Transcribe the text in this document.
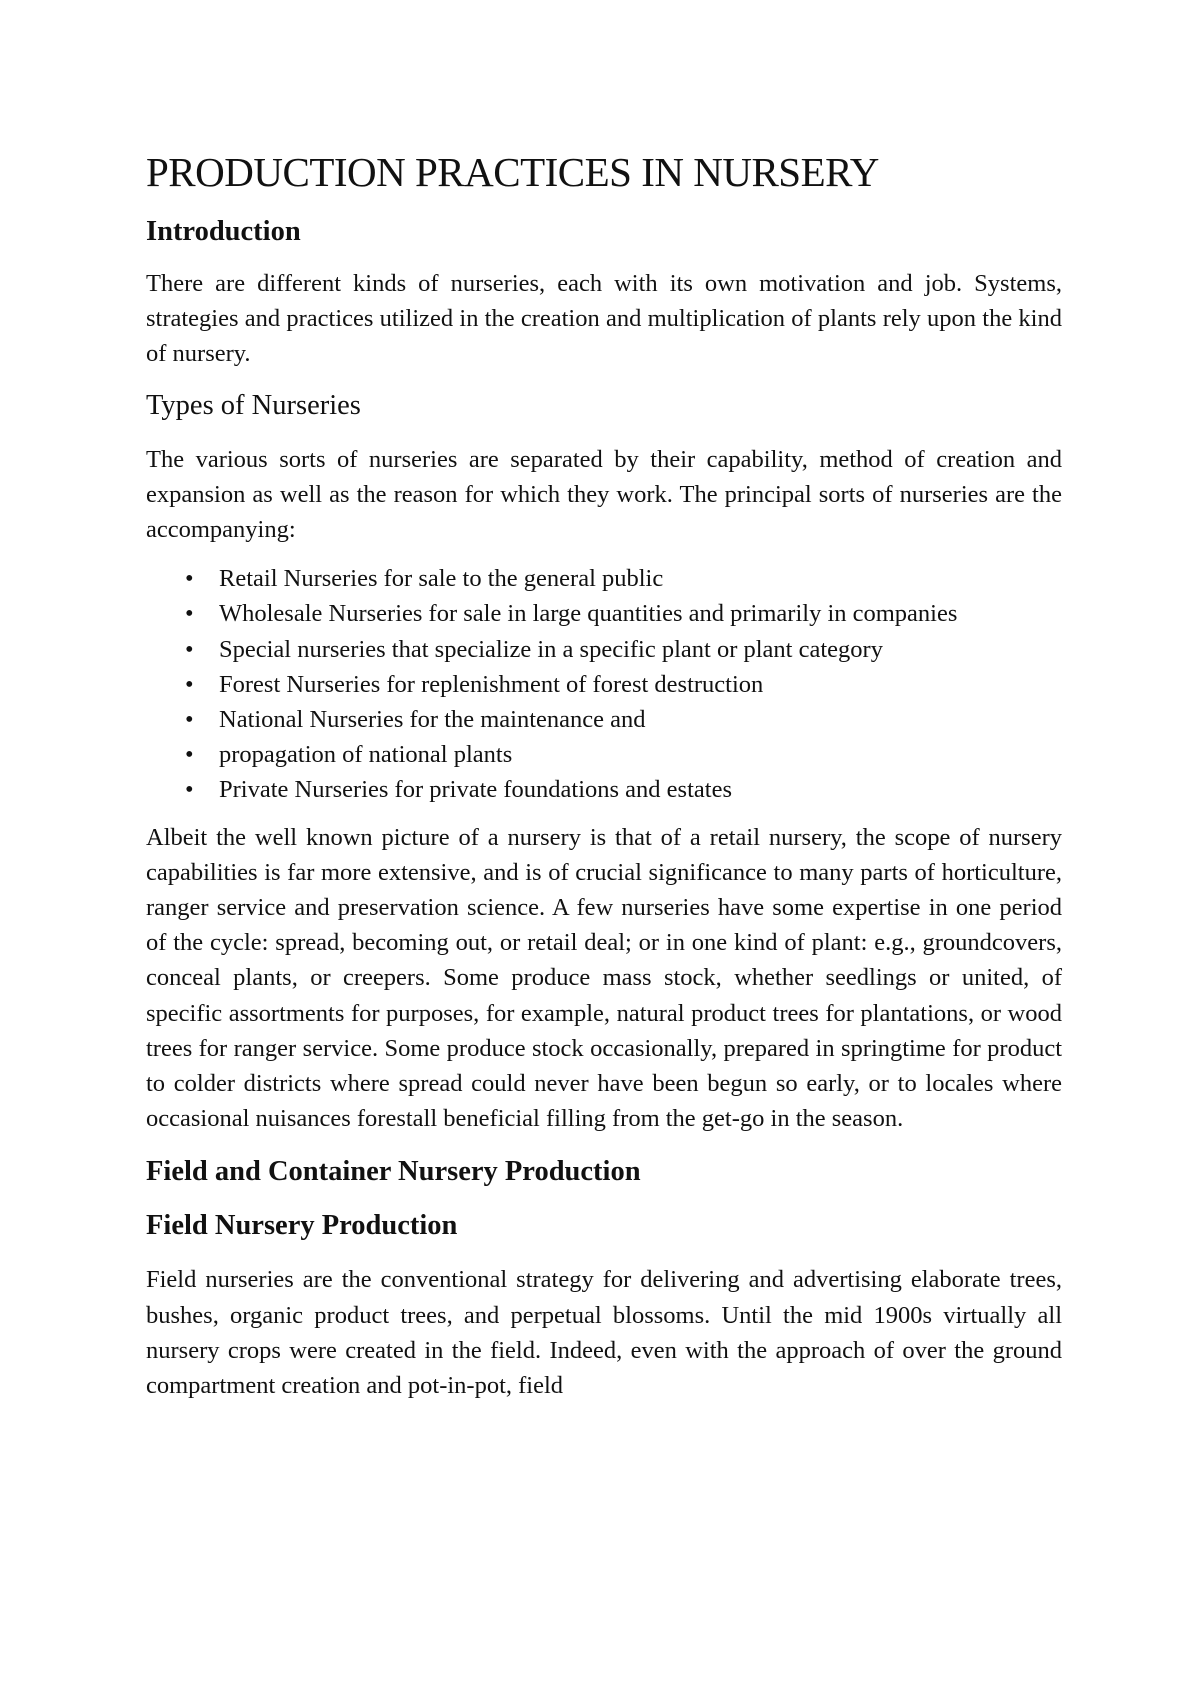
PRODUCTION PRACTICES IN NURSERY
Introduction

There are different kinds of nurseries, each with its own motivation and job. Systems, strategies and practices utilized in the creation and multiplication of plants rely upon the kind of nursery.

Types of Nurseries

The various sorts of nurseries are separated by their capability, method of creation and expansion as well as the reason for which they work. The principal sorts of nurseries are the accompanying:

•	Retail Nurseries for sale to the general public
•	Wholesale Nurseries for sale in large quantities and primarily in companies
•	Special nurseries that specialize in a specific plant or plant category
•	Forest Nurseries for replenishment of forest destruction
•	National Nurseries for the maintenance and
•	propagation of national plants
•	Private Nurseries for private foundations and estates

Albeit the well known picture of a nursery is that of a retail nursery, the scope of nursery capabilities is far more extensive, and is of crucial significance to many parts of horticulture, ranger service and preservation science. A few nurseries have some expertise in one period of the cycle: spread, becoming out, or retail deal; or in one kind of plant: e.g., groundcovers, conceal plants, or creepers. Some produce mass stock, whether seedlings or united, of specific assortments for purposes, for example, natural product trees for plantations, or wood trees for ranger service. Some produce stock occasionally, prepared in springtime for product to colder districts where spread could never have been begun so early, or to locales where occasional nuisances forestall beneficial filling from the get-go in the season.

Field and Container Nursery Production
Field Nursery Production

Field nurseries are the conventional strategy for delivering and advertising elaborate trees, bushes, organic product trees, and perpetual blossoms. Until the mid 1900s virtually all nursery crops were created in the field. Indeed, even with the approach of over the ground compartment creation and pot-in-pot, field
